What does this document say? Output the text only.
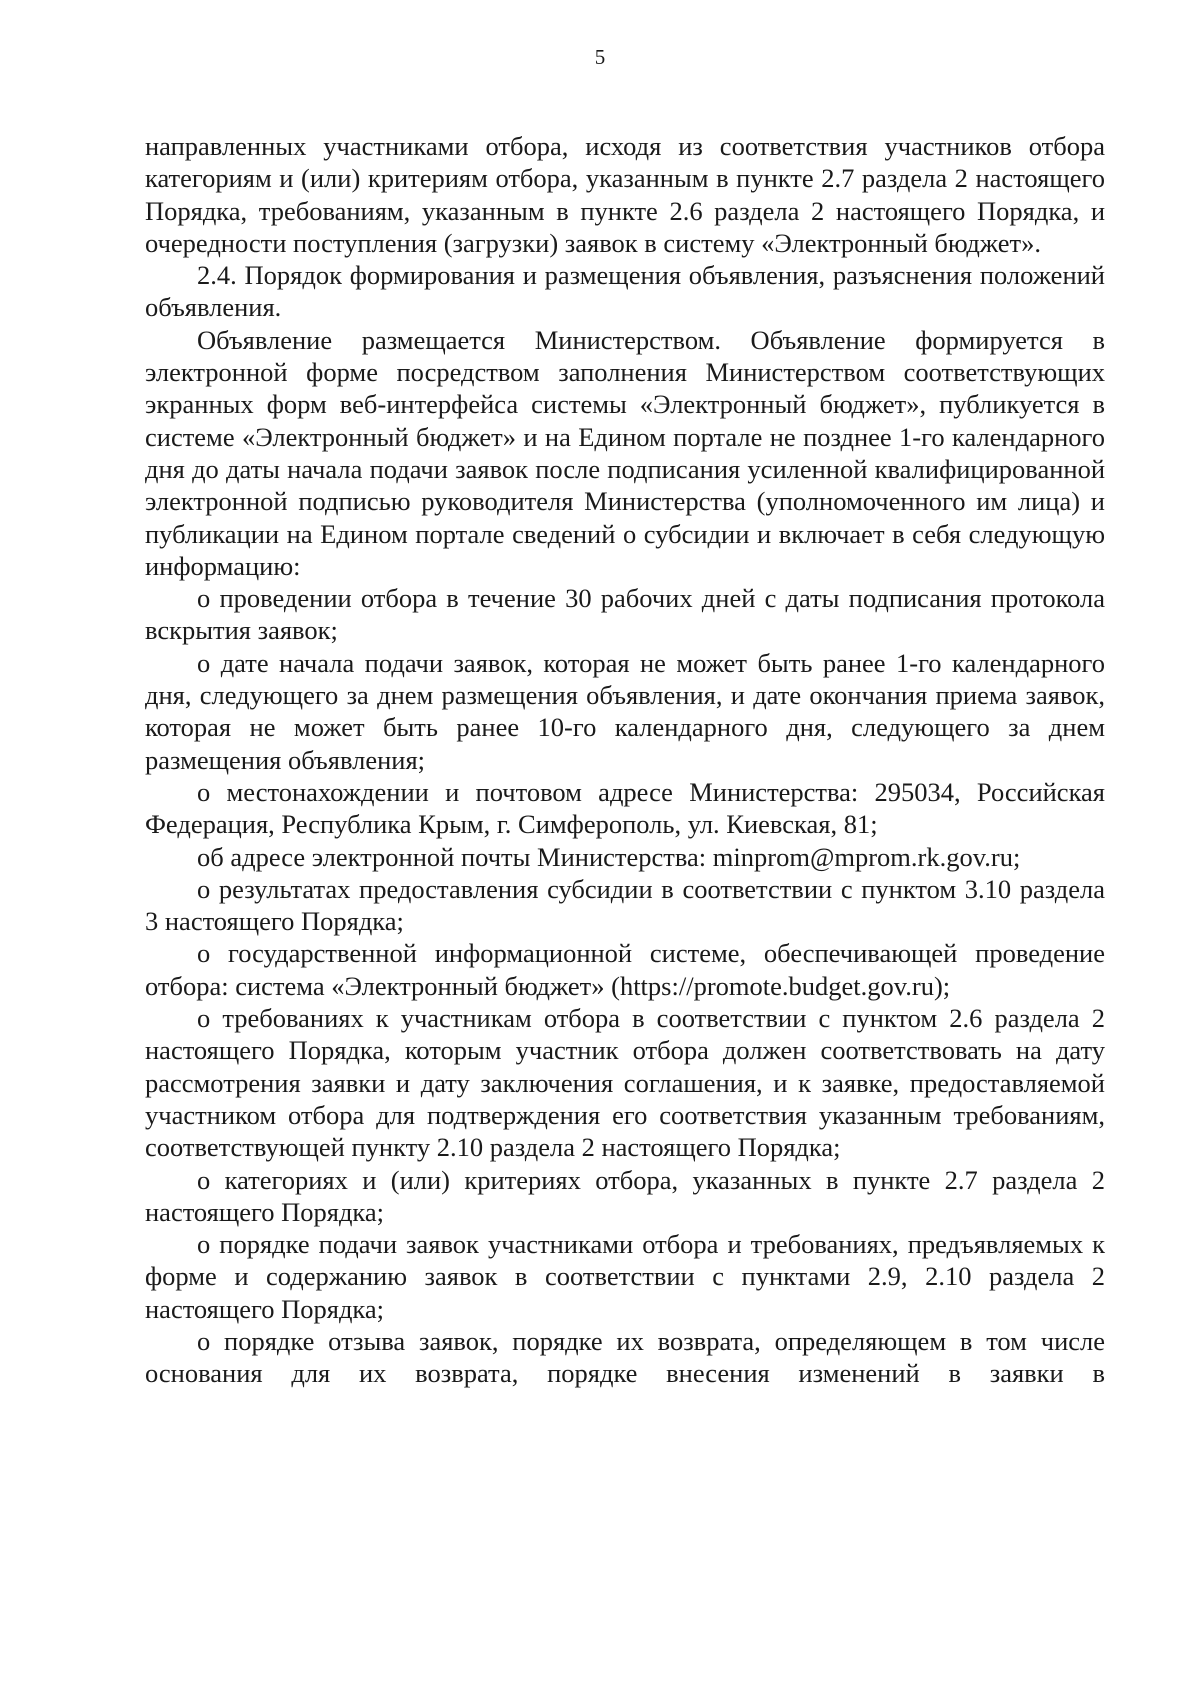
5

направленных участниками отбора, исходя из соответствия участников отбора категориям и (или) критериям отбора, указанным в пункте 2.7 раздела 2 настоящего Порядка, требованиям, указанным в пункте 2.6 раздела 2 настоящего Порядка, и очередности поступления (загрузки) заявок в систему «Электронный бюджет».

2.4. Порядок формирования и размещения объявления, разъяснения положений объявления.

Объявление размещается Министерством. Объявление формируется в электронной форме посредством заполнения Министерством соответствующих экранных форм веб-интерфейса системы «Электронный бюджет», публикуется в системе «Электронный бюджет» и на Едином портале не позднее 1-го календарного дня до даты начала подачи заявок после подписания усиленной квалифицированной электронной подписью руководителя Министерства (уполномоченного им лица) и публикации на Едином портале сведений о субсидии и включает в себя следующую информацию:

о проведении отбора в течение 30 рабочих дней с даты подписания протокола вскрытия заявок;

о дате начала подачи заявок, которая не может быть ранее 1-го календарного дня, следующего за днем размещения объявления, и дате окончания приема заявок, которая не может быть ранее 10-го календарного дня, следующего за днем размещения объявления;

о местонахождении и почтовом адресе Министерства: 295034, Российская Федерация, Республика Крым, г. Симферополь, ул. Киевская, 81;

об адресе электронной почты Министерства: minprom@mprom.rk.gov.ru;

о результатах предоставления субсидии в соответствии с пунктом 3.10 раздела 3 настоящего Порядка;

о государственной информационной системе, обеспечивающей проведение отбора: система «Электронный бюджет» (https://promote.budget.gov.ru);

о требованиях к участникам отбора в соответствии с пунктом 2.6 раздела 2 настоящего Порядка, которым участник отбора должен соответствовать на дату рассмотрения заявки и дату заключения соглашения, и к заявке, предоставляемой участником отбора для подтверждения его соответствия указанным требованиям, соответствующей пункту 2.10 раздела 2 настоящего Порядка;

о категориях и (или) критериях отбора, указанных в пункте 2.7 раздела 2 настоящего Порядка;

о порядке подачи заявок участниками отбора и требованиях, предъявляемых к форме и содержанию заявок в соответствии с пунктами 2.9, 2.10 раздела 2 настоящего Порядка;

о порядке отзыва заявок, порядке их возврата, определяющем в том числе основания для их возврата, порядке внесения изменений в заявки в
